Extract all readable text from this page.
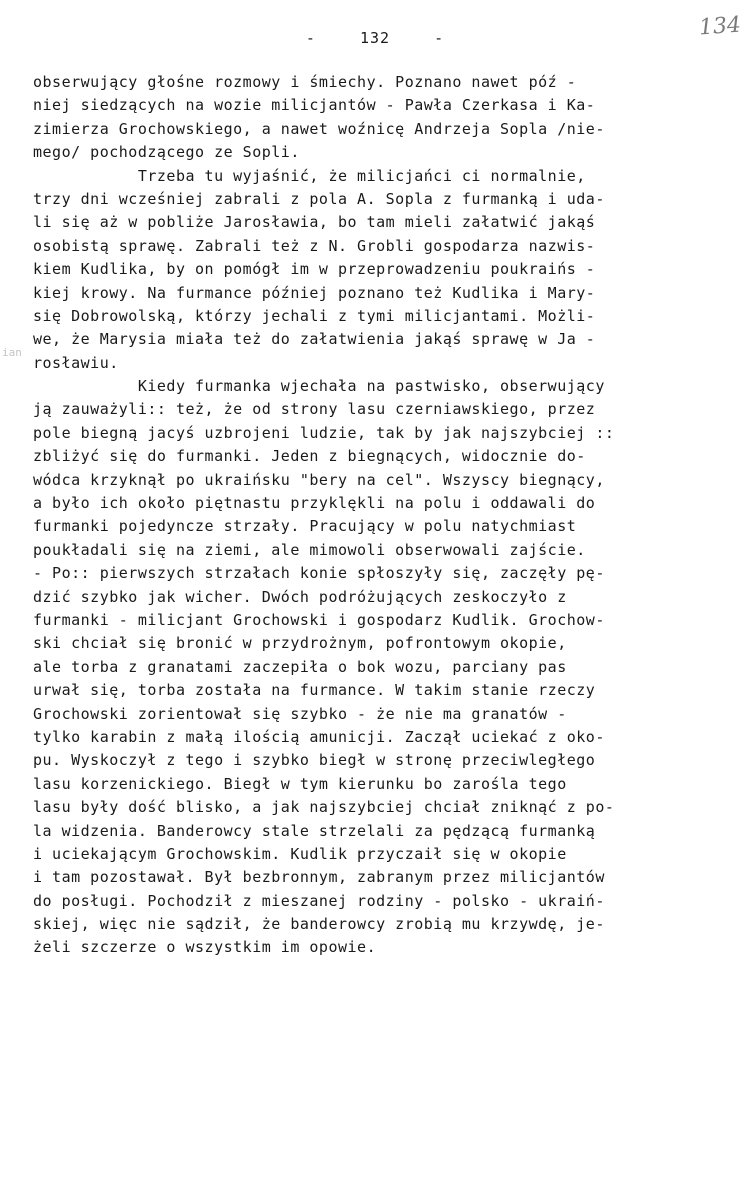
-	132	-	134
ian
obserwujący głośne rozmowy i śmiechy. Poznano nawet póź -
niej siedzących na wozie milicjantów - Pawła Czerkasa i Ka-
zimierza Grochowskiego, a nawet woźnicę Andrzeja Sopla /nie-
mego/ pochodzącego ze Sopli.
Trzeba tu wyjaśnić, że milicjańci ci normalnie,
trzy dni wcześniej zabrali z pola A. Sopla z furmanką i uda-
li się aż w pobliże Jarosławia, bo tam mieli załatwić jakąś
osobistą sprawę. Zabrali też z N. Grobli gospodarza nazwis-
kiem Kudlika, by on pomógł im w przeprowadzeniu poukraińs -
kiej krowy. Na furmance później poznano też Kudlika i Mary-
się Dobrowolską, którzy jechali z tymi milicjantami. Możli-
we, że Marysia miała też do załatwienia jakąś sprawę w Ja -
rosławiu.
Kiedy furmanka wjechała na pastwisko, obserwujący
ją zauważyli:: też, że od strony lasu czerniawskiego, przez
pole biegną jacyś uzbrojeni ludzie, tak by jak najszybciej ::
zbliżyć się do furmanki. Jeden z biegnących, widocznie do-
wódca krzyknął po ukraińsku "bery na cel". Wszyscy biegnący,
a było ich około piętnastu przyklękli na polu i oddawali do
furmanki pojedyncze strzały. Pracujący w polu natychmiast
poukładali się na ziemi, ale mimowoli obserwowali zajście.
- Po:: pierwszych strzałach konie spłoszyły się, zaczęły pę-
dzić szybko jak wicher. Dwóch podróżujących zeskoczyło z
furmanki - milicjant Grochowski i gospodarz Kudlik. Grochow-
ski chciał się bronić w przydrożnym, pofrontowym okopie,
ale torba z granatami zaczepiła o bok wozu, parciany pas
urwał się, torba została na furmance. W takim stanie rzeczy
Grochowski zorientował się szybko - że nie ma granatów -
tylko karabin z małą ilością amunicji. Zaczął uciekać z oko-
pu. Wyskoczył z tego i szybko biegł w stronę przeciwległego
lasu korzenickiego. Biegł w tym kierunku bo zarośla tego
lasu były dość blisko, a jak najszybciej chciał zniknąć z po-
la widzenia. Banderowcy stale strzelali za pędzącą furmanką
i uciekającym Grochowskim. Kudlik przyczaił się w okopie
i tam pozostawał. Był bezbronnym, zabranym przez milicjantów
do posługi. Pochodził z mieszanej rodziny - polsko - ukraiń-
skiej, więc nie sądził, że banderowcy zrobią mu krzywdę, je-
żeli szczerze o wszystkim im opowie.
